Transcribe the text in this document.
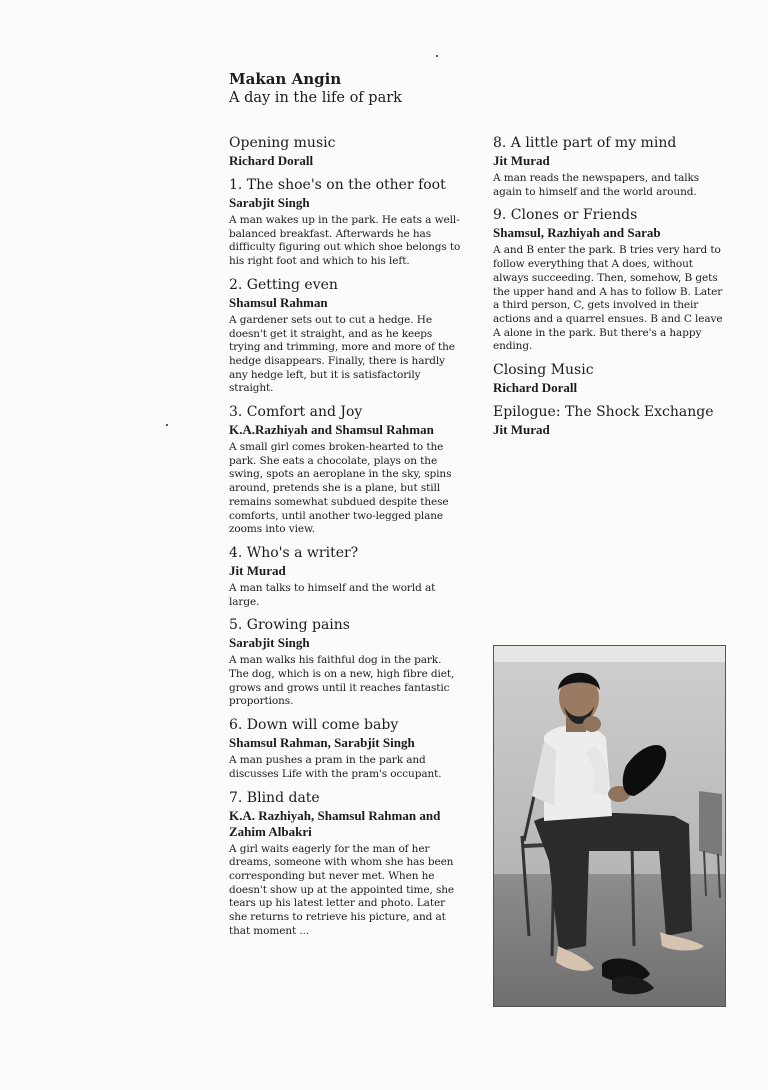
Makan Angin
A day in the life of park
Opening music
Richard Dorall
1. The shoe's on the other foot
Sarabjit Singh
A man wakes up in the park. He eats a well-balanced breakfast. Afterwards he has difficulty figuring out which shoe belongs to his right foot and which to his left.
2. Getting even
Shamsul Rahman
A gardener sets out to cut a hedge. He doesn't get it straight, and as he keeps trying and trimming, more and more of the hedge disappears. Finally, there is hardly any hedge left, but it is satisfactorily straight.
3. Comfort and Joy
K.A.Razhiyah and Shamsul Rahman
A small girl comes broken-hearted to the park. She eats a chocolate, plays on the swing, spots an aeroplane in the sky, spins around, pretends she is a plane, but still remains somewhat subdued despite these comforts, until another two-legged plane zooms into view.
4. Who's a writer?
Jit Murad
A man talks to himself and the world at large.
5. Growing pains
Sarabjit Singh
A man walks his faithful dog in the park. The dog, which is on a new, high fibre diet, grows and grows until it reaches fantastic proportions.
6. Down will come baby
Shamsul Rahman, Sarabjit Singh
A man pushes a pram in the park and discusses Life with the pram's occupant.
7. Blind date
K.A. Razhiyah, Shamsul Rahman and Zahim Albakri
A girl waits eagerly for the man of her dreams, someone with whom she has been corresponding but never met. When he doesn't show up at the appointed time, she tears up his latest letter and photo. Later she returns to retrieve his picture, and at that moment ...
8. A little part of my mind
Jit Murad
A man reads the newspapers, and talks again to himself and the world around.
9. Clones or Friends
Shamsul, Razhiyah and Sarab
A and B enter the park. B tries very hard to follow everything that A does, without always succeeding. Then, somehow, B gets the upper hand and A has to follow B. Later a third person, C, gets involved in their actions and a quarrel ensues. B and C leave A alone in the park. But there's a happy ending.
Closing Music
Richard Dorall
Epilogue: The Shock Exchange
Jit Murad
